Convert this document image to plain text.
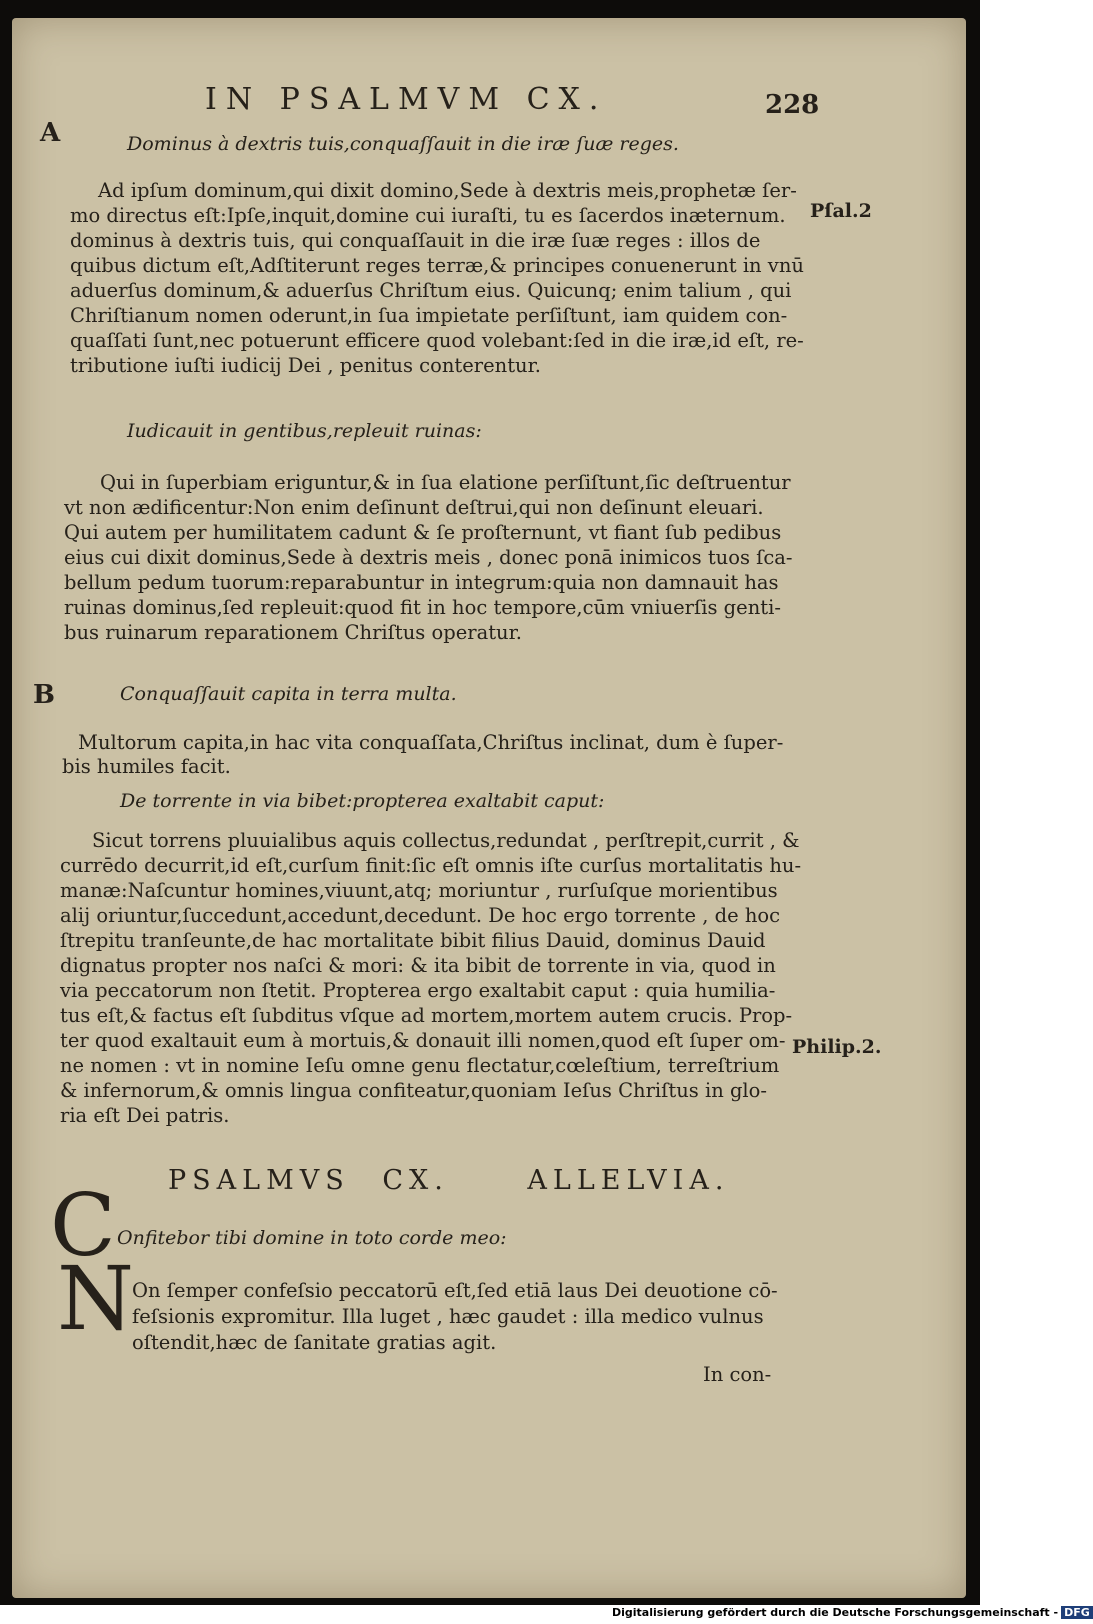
IN PSALMVM CX.	228
A
B
Dominus à dextris tuis,conquaſſauit in die iræ ſuæ reges.
Ad ipſum dominum,qui dixit domino,Sede à dextris meis,prophetæ ſer-
mo directus eſt:Ipſe,inquit,domine cui iuraſti, tu es ſacerdos inæternum.
dominus à dextris tuis, qui conquaſſauit in die iræ ſuæ reges : illos de
quibus dictum eſt,Adſtiterunt reges terræ,& principes conuenerunt in vnū
aduerſus dominum,& aduerſus Chriſtum eius. Quicunq; enim talium , qui
Chriſtianum nomen oderunt,in ſua impietate perſiſtunt, iam quidem con-
quaſſati ſunt,nec potuerunt efficere quod volebant:ſed in die iræ,id eſt, re-
tributione iuſti iudicij Dei , penitus conterentur.
Iudicauit in gentibus,repleuit ruinas:
Qui in ſuperbiam eriguntur,& in ſua elatione perſiſtunt,ſic deſtruentur
vt non ædificentur:Non enim deſinunt deſtrui,qui non deſinunt eleuari.
Qui autem per humilitatem cadunt & ſe proſternunt, vt fiant ſub pedibus
eius cui dixit dominus,Sede à dextris meis , donec ponā inimicos tuos ſca-
bellum pedum tuorum:reparabuntur in integrum:quia non damnauit has
ruinas dominus,ſed repleuit:quod fit in hoc tempore,cūm vniuerſis genti-
bus ruinarum reparationem Chriſtus operatur.
Conquaſſauit capita in terra multa.
Multorum capita,in hac vita conquaſſata,Chriſtus inclinat, dum è ſuper-
bis humiles facit.
De torrente in via bibet:propterea exaltabit caput:
Sicut torrens pluuialibus aquis collectus,redundat , perſtrepit,currit , &
currēdo decurrit,id eſt,curſum finit:ſic eſt omnis iſte curſus mortalitatis hu-
manæ:Naſcuntur homines,viuunt,atq; moriuntur , rurſuſque morientibus
alij oriuntur,ſuccedunt,accedunt,decedunt. De hoc ergo torrente , de hoc
ſtrepitu tranſeunte,de hac mortalitate bibit filius Dauid, dominus Dauid
dignatus propter nos naſci & mori: & ita bibit de torrente in via, quod in
via peccatorum non ſtetit. Propterea ergo exaltabit caput : quia humilia-
tus eſt,& factus eſt ſubditus vſque ad mortem,mortem autem crucis. Prop-
ter quod exaltauit eum à mortuis,& donauit illi nomen,quod eſt ſuper om-
ne nomen : vt in nomine Ieſu omne genu flectatur,cœleſtium, terreſtrium
& infernorum,& omnis lingua confiteatur,quoniam Ieſus Chriſtus in glo-
ria eſt Dei patris.
PSALMVS CX.	ALLELVIA.
C Onfitebor tibi domine in toto corde meo:
N
On ſemper confeſsio peccatorū eſt,ſed etiā laus Dei deuotione cō-
feſsionis expromitur. Illa luget , hæc gaudet : illa medico vulnus
oſtendit,hæc de ſanitate gratias agit.
In con-
Pſal.2
Philip.2.
Digitalisierung gefördert durch die Deutsche Forschungsgemeinschaft - DFG
